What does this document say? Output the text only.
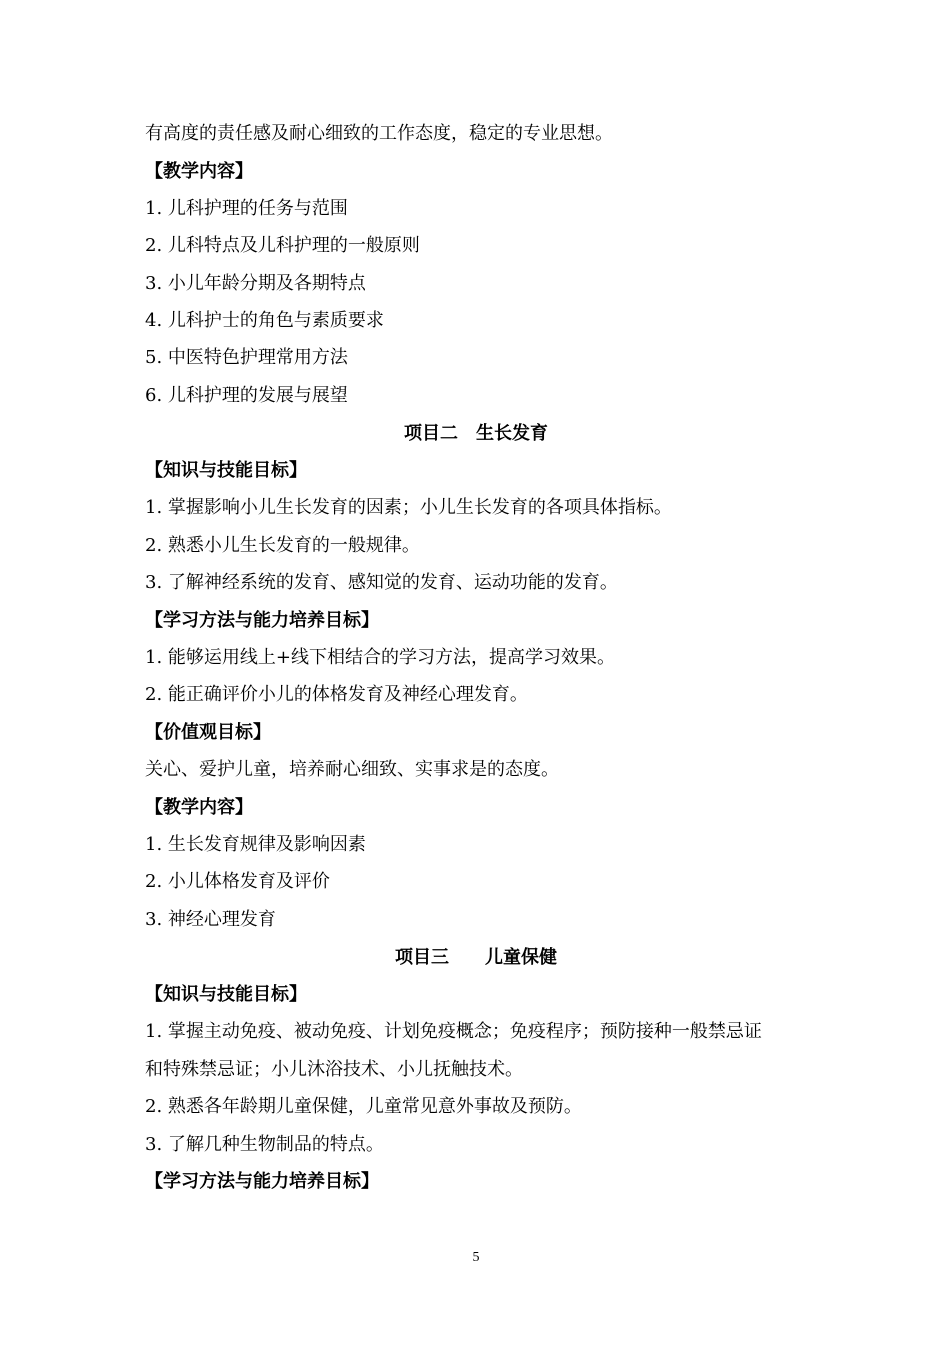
有高度的责任感及耐心细致的工作态度，稳定的专业思想。
【教学内容】
1. 儿科护理的任务与范围
2. 儿科特点及儿科护理的一般原则
3. 小儿年龄分期及各期特点
4. 儿科护士的角色与素质要求
5. 中医特色护理常用方法
6. 儿科护理的发展与展望
项目二　生长发育
【知识与技能目标】
1. 掌握影响小儿生长发育的因素；小儿生长发育的各项具体指标。
2. 熟悉小儿生长发育的一般规律。
3. 了解神经系统的发育、感知觉的发育、运动功能的发育。
【学习方法与能力培养目标】
1. 能够运用线上+线下相结合的学习方法，提高学习效果。
2. 能正确评价小儿的体格发育及神经心理发育。
【价值观目标】
关心、爱护儿童，培养耐心细致、实事求是的态度。
【教学内容】
1. 生长发育规律及影响因素
2. 小儿体格发育及评价
3. 神经心理发育
项目三　　儿童保健
【知识与技能目标】
1. 掌握主动免疫、被动免疫、计划免疫概念；免疫程序；预防接种一般禁忌证
和特殊禁忌证；小儿沐浴技术、小儿抚触技术。
2. 熟悉各年龄期儿童保健，儿童常见意外事故及预防。
3. 了解几种生物制品的特点。
【学习方法与能力培养目标】
5
